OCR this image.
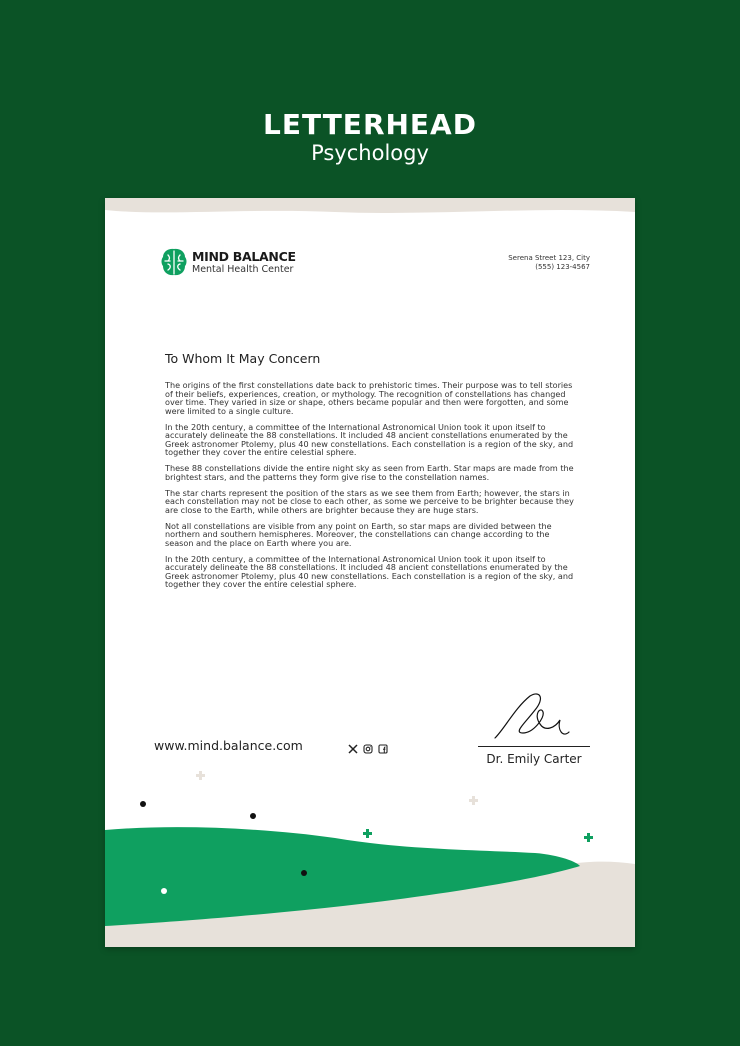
LETTERHEAD
Psychology
MIND BALANCE
Mental Health Center
Serena Street 123, City
(555) 123-4567
To Whom It May Concern

The origins of the first constellations date back to prehistoric times. Their purpose was to tell stories of their beliefs, experiences, creation, or mythology. The recognition of constellations has changed over time. They varied in size or shape, others became popular and then were forgotten, and some were limited to a single culture.

In the 20th century, a committee of the International Astronomical Union took it upon itself to accurately delineate the 88 constellations. It included 48 ancient constellations enumerated by the Greek astronomer Ptolemy, plus 40 new constellations. Each constellation is a region of the sky, and together they cover the entire celestial sphere.

These 88 constellations divide the entire night sky as seen from Earth. Star maps are made from the brightest stars, and the patterns they form give rise to the constellation names.

The star charts represent the position of the stars as we see them from Earth; however, the stars in each constellation may not be close to each other, as some we perceive to be brighter because they are close to the Earth, while others are brighter because they are huge stars.

Not all constellations are visible from any point on Earth, so star maps are divided between the northern and southern hemispheres. Moreover, the constellations can change according to the season and the place on Earth where you are.

In the 20th century, a committee of the International Astronomical Union took it upon itself to accurately delineate the 88 constellations. It included 48 ancient constellations enumerated by the Greek astronomer Ptolemy, plus 40 new constellations. Each constellation is a region of the sky, and together they cover the entire celestial sphere.

www.mind.balance.com
Dr. Emily Carter
